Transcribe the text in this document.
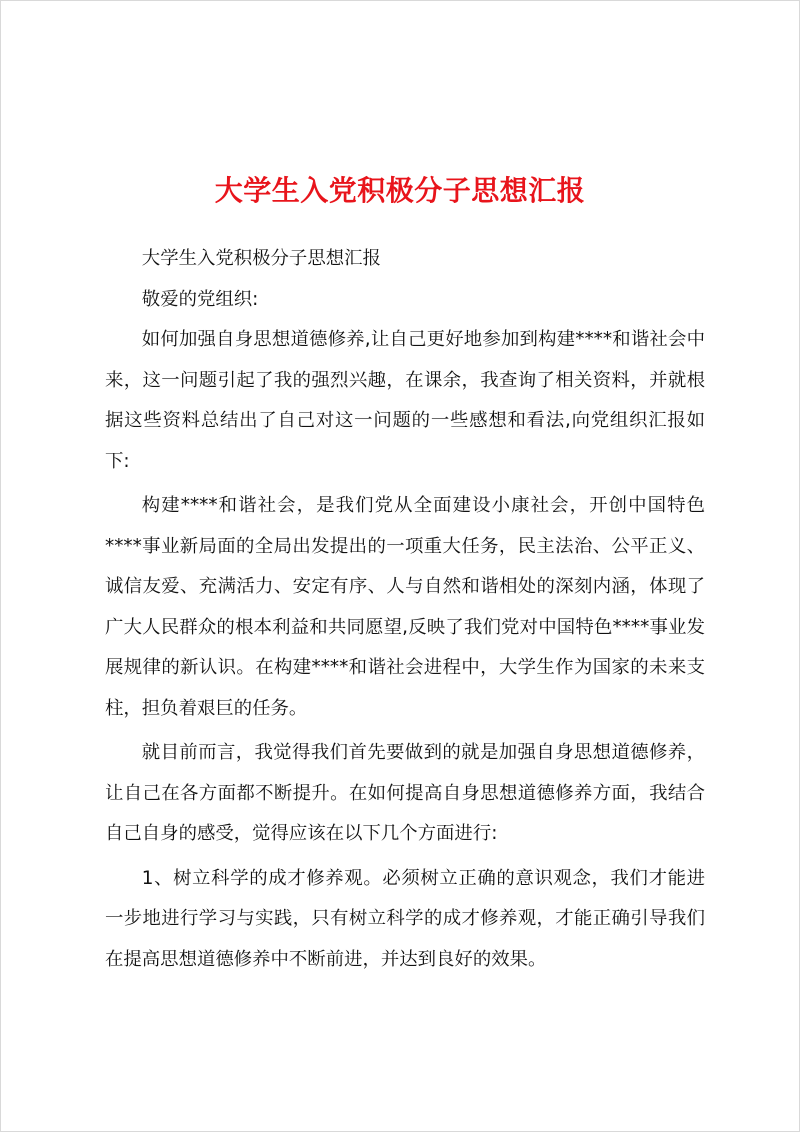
大学生入党积极分子思想汇报

大学生入党积极分子思想汇报

敬爱的党组织:

如何加强自身思想道德修养,让自己更好地参加到构建****和谐社会中来，这一问题引起了我的强烈兴趣，在课余，我查询了相关资料，并就根据这些资料总结出了自己对这一问题的一些感想和看法,向党组织汇报如下:

构建****和谐社会，是我们党从全面建设小康社会，开创中国特色****事业新局面的全局出发提出的一项重大任务，民主法治、公平正义、诚信友爱、充满活力、安定有序、人与自然和谐相处的深刻内涵，体现了广大人民群众的根本利益和共同愿望,反映了我们党对中国特色****事业发展规律的新认识。在构建****和谐社会进程中，大学生作为国家的未来支柱，担负着艰巨的任务。

就目前而言，我觉得我们首先要做到的就是加强自身思想道德修养，让自己在各方面都不断提升。在如何提高自身思想道德修养方面，我结合自己自身的感受，觉得应该在以下几个方面进行:

1、树立科学的成才修养观。必须树立正确的意识观念，我们才能进一步地进行学习与实践，只有树立科学的成才修养观，才能正确引导我们在提高思想道德修养中不断前进，并达到良好的效果。
